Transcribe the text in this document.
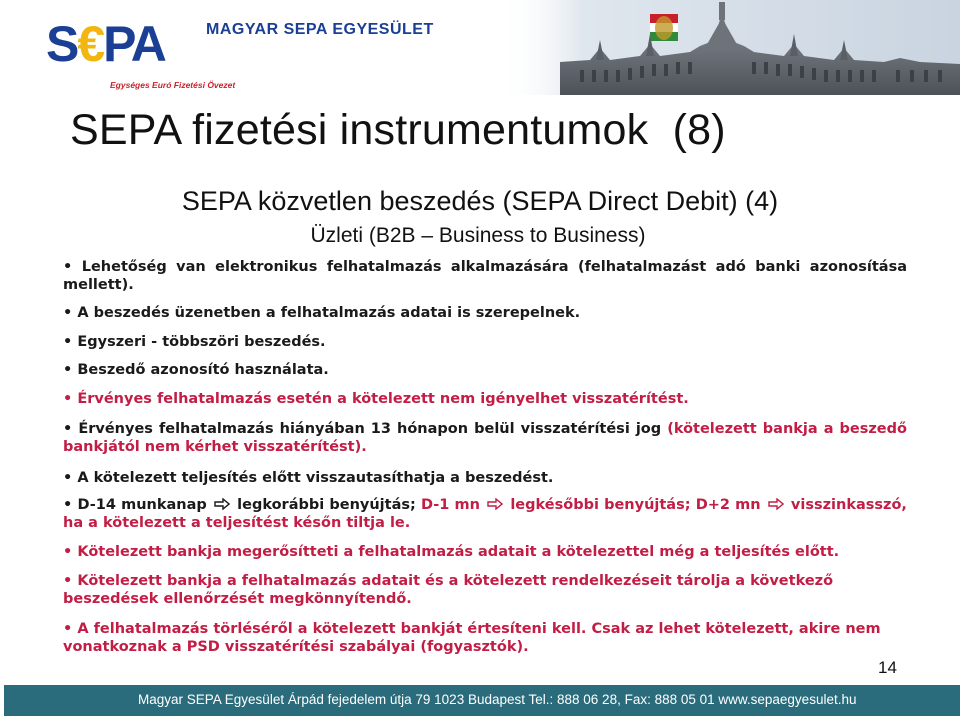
S€PA
Egységes Euró Fizetési Övezet
MAGYAR SEPA EGYESÜLET
SEPA fizetési instrumentumok  (8)
SEPA közvetlen beszedés (SEPA Direct Debit) (4)
Üzleti (B2B – Business to Business)
• Lehetőség van elektronikus felhatalmazás alkalmazására (felhatalmazást adó banki azonosítása mellett).
• A beszedés üzenetben a felhatalmazás adatai is szerepelnek.
• Egyszeri - többszöri beszedés.
• Beszedő azonosító használata.
• Érvényes felhatalmazás esetén a kötelezett nem igényelhet visszatérítést.
• Érvényes felhatalmazás hiányában 13 hónapon belül visszatérítési jog (kötelezett bankja a beszedő bankjától nem kérhet visszatérítést).
• A kötelezett teljesítés előtt visszautasíthatja a beszedést.
• D-14 munkanap legkorábbi benyújtás; D-1 mn legkésőbbi benyújtás; D+2 mn visszinkasszó, ha a kötelezett a teljesítést későn tiltja le.
• Kötelezett bankja megerősítteti a felhatalmazás adatait a kötelezettel még a teljesítés előtt.
• Kötelezett bankja a felhatalmazás adatait és a kötelezett rendelkezéseit tárolja a következő beszedések ellenőrzését megkönnyítendő.
• A felhatalmazás törléséről a kötelezett bankját értesíteni kell. Csak az lehet kötelezett, akire nem vonatkoznak a PSD visszatérítési szabályai (fogyasztók).
14
Magyar SEPA Egyesület Árpád fejedelem útja 79 1023 Budapest Tel.: 888 06 28, Fax: 888 05 01 www.sepaegyesulet.hu
